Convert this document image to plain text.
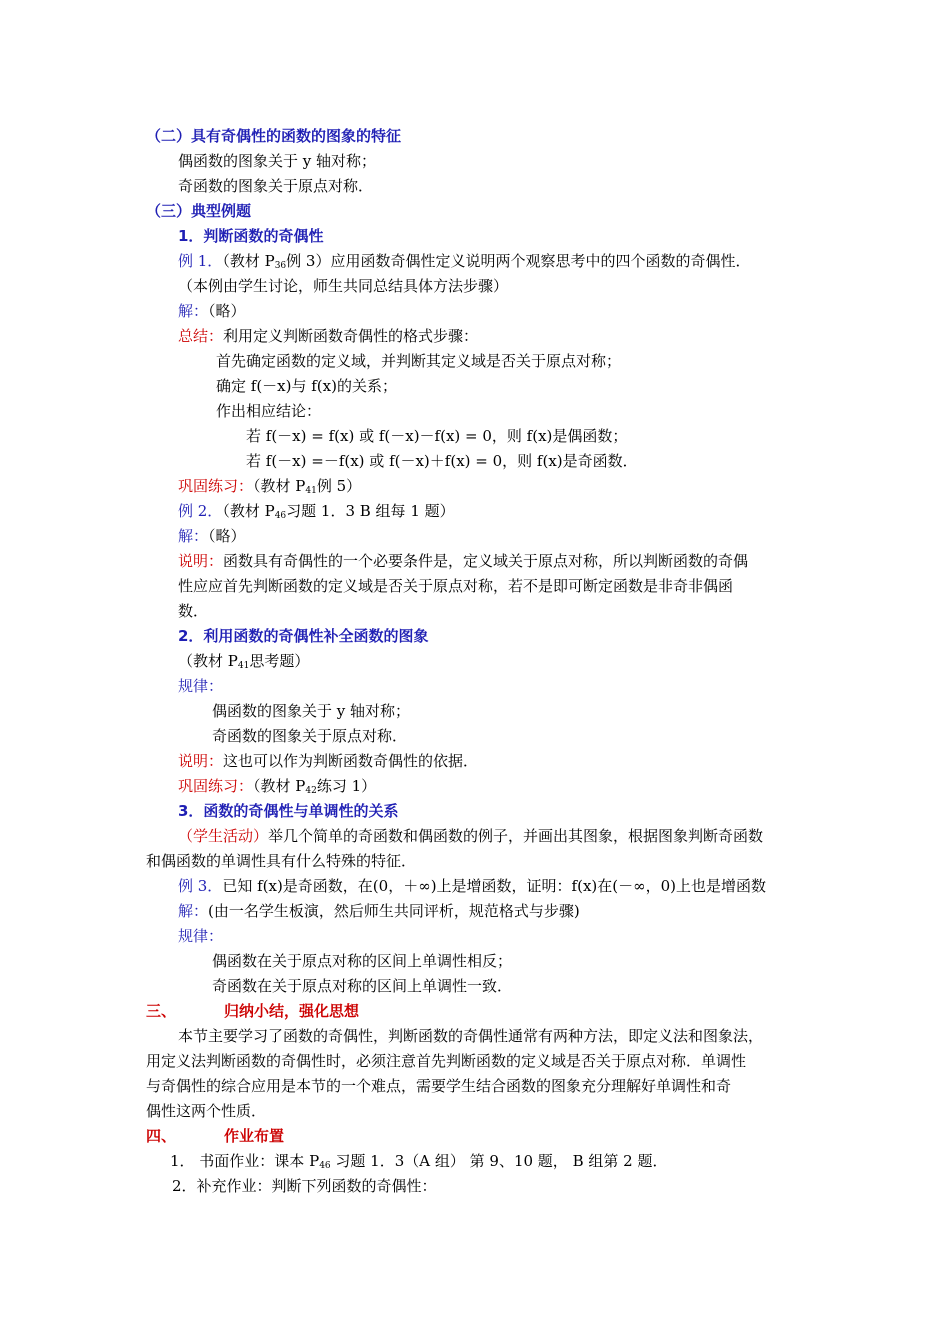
（二）具有奇偶性的函数的图象的特征
偶函数的图象关于 y 轴对称；
奇函数的图象关于原点对称．
（三）典型例题
1．判断函数的奇偶性
例 1．（教材 $P_{36}$例 3）应用函数奇偶性定义说明两个观察思考中的四个函数的奇偶性．
（本例由学生讨论，师生共同总结具体方法步骤）
解：（略）
总结：利用定义判断函数奇偶性的格式步骤：
首先确定函数的定义域，并判断其定义域是否关于原点对称；
确定 f(－x)与 f(x)的关系；
作出相应结论：
若 f(－x) = f(x) 或 f(－x)－f(x) = 0，则 f(x)是偶函数；
若 f(－x) =－f(x) 或 f(－x)＋f(x) = 0，则 f(x)是奇函数．
巩固练习：（教材 $P_{41}$例 5）
例 2．（教材 $P_{46}$习题 1．3 B 组每 1 题）
解：（略）
说明：函数具有奇偶性的一个必要条件是，定义域关于原点对称，所以判断函数的奇偶
性应应首先判断函数的定义域是否关于原点对称，若不是即可断定函数是非奇非偶函
数．
2．利用函数的奇偶性补全函数的图象
（教材 $P_{41}$思考题）
规律：
偶函数的图象关于 y 轴对称；
奇函数的图象关于原点对称．
说明：这也可以作为判断函数奇偶性的依据．
巩固练习：（教材 $P_{42}$练习 1）
3．函数的奇偶性与单调性的关系
（学生活动）举几个简单的奇函数和偶函数的例子，并画出其图象，根据图象判断奇函数
和偶函数的单调性具有什么特殊的特征．
例 3．已知 f(x)是奇函数，在(0，＋∞)上是增函数，证明：f(x)在(－∞，0)上也是增函数
解：(由一名学生板演，然后师生共同评析，规范格式与步骤)
规律：
偶函数在关于原点对称的区间上单调性相反；
奇函数在关于原点对称的区间上单调性一致．
三、	归纳小结，强化思想
本节主要学习了函数的奇偶性，判断函数的奇偶性通常有两种方法，即定义法和图象法，
用定义法判断函数的奇偶性时，必须注意首先判断函数的定义域是否关于原点对称．单调性
与奇偶性的综合应用是本节的一个难点，需要学生结合函数的图象充分理解好单调性和奇
偶性这两个性质．
四、	作业布置
1． 书面作业：课本 $P_{46}$ 习题 1．3（A 组） 第 9、10 题， B 组第 2 题．
2．补充作业：判断下列函数的奇偶性：
